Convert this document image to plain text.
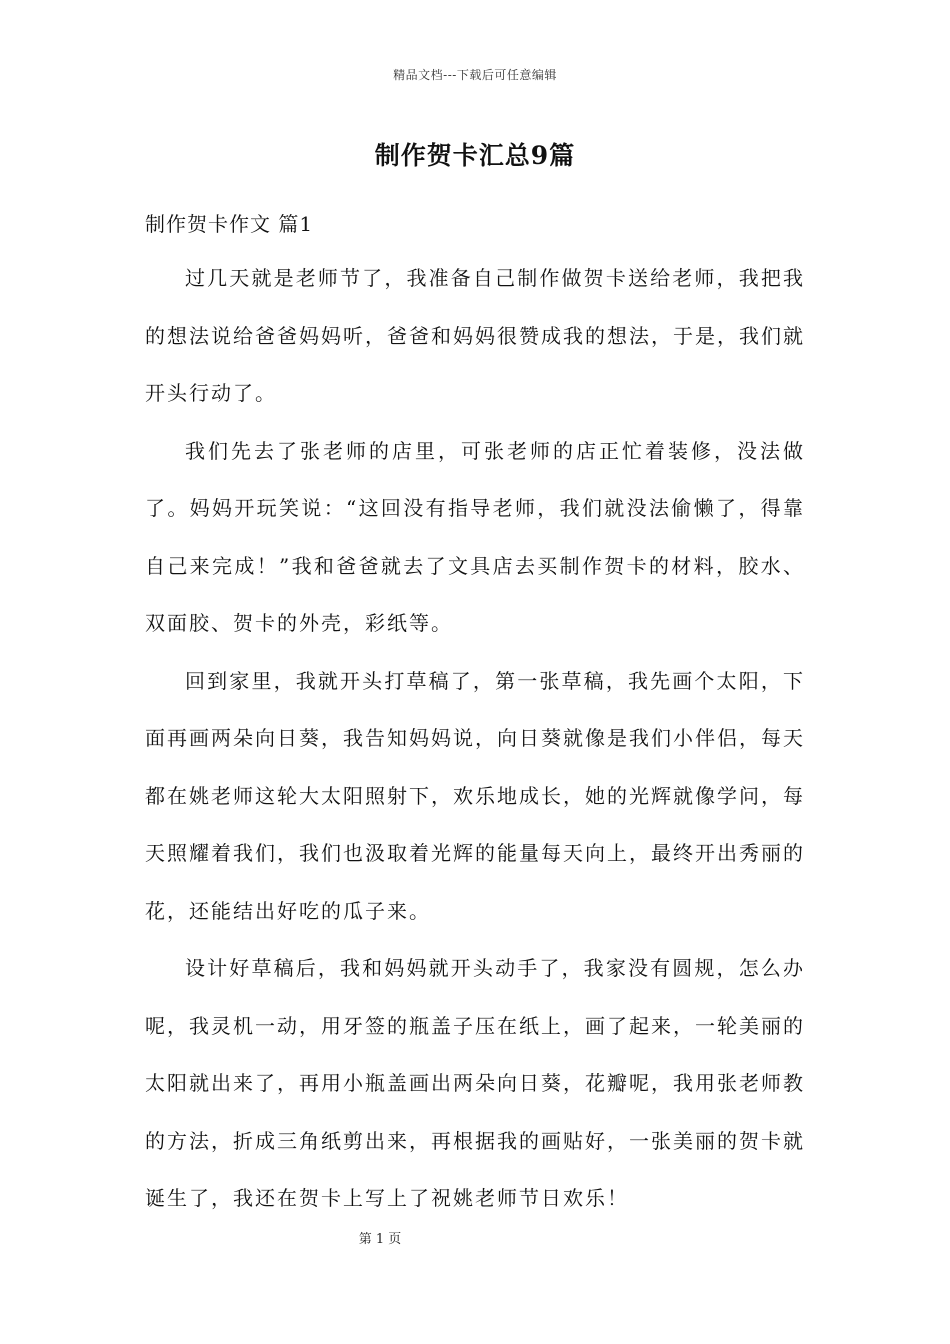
精品文档---下载后可任意编辑
制作贺卡汇总9篇
制作贺卡作文 篇1

过几天就是老师节了，我准备自己制作做贺卡送给老师，我把我的想法说给爸爸妈妈听，爸爸和妈妈很赞成我的想法，于是，我们就开头行动了。

我们先去了张老师的店里，可张老师的店正忙着装修，没法做了。妈妈开玩笑说：“这回没有指导老师，我们就没法偷懒了，得靠自己来完成！”我和爸爸就去了文具店去买制作贺卡的材料，胶水、双面胶、贺卡的外壳，彩纸等。

回到家里，我就开头打草稿了，第一张草稿，我先画个太阳，下面再画两朵向日葵，我告知妈妈说，向日葵就像是我们小伴侣，每天都在姚老师这轮大太阳照射下，欢乐地成长，她的光辉就像学问，每天照耀着我们，我们也汲取着光辉的能量每天向上，最终开出秀丽的花，还能结出好吃的瓜子来。

设计好草稿后，我和妈妈就开头动手了，我家没有圆规，怎么办呢，我灵机一动，用牙签的瓶盖子压在纸上，画了起来，一轮美丽的太阳就出来了，再用小瓶盖画出两朵向日葵，花瓣呢，我用张老师教的方法，折成三角纸剪出来，再根据我的画贴好，一张美丽的贺卡就诞生了，我还在贺卡上写上了祝姚老师节日欢乐！

第 1 页
